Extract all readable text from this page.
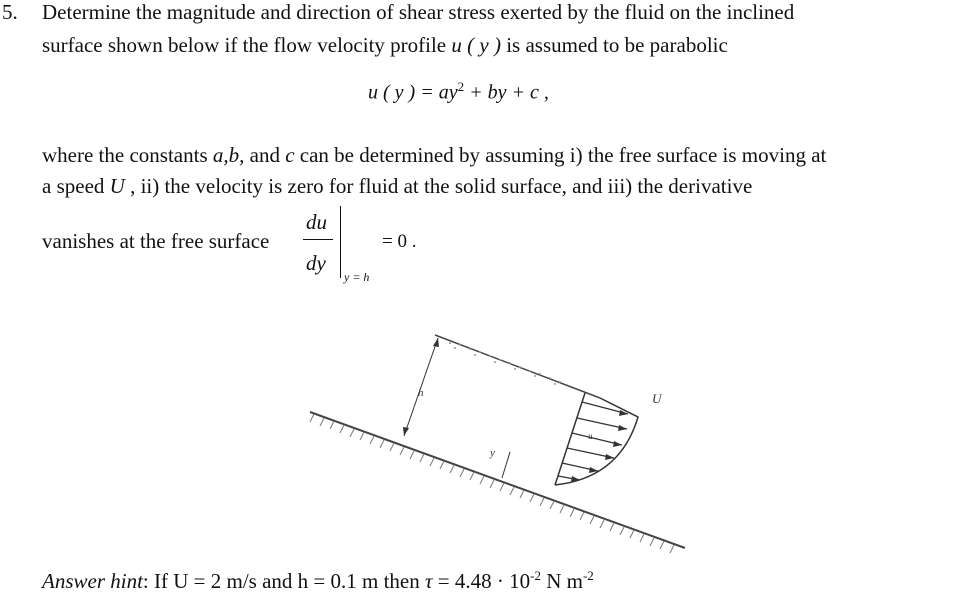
5. Determine the magnitude and direction of shear stress exerted by the fluid on the inclined
surface shown below if the flow velocity profile u ( y ) is assumed to be parabolic
u ( y ) = $ay^2$ + by + c ,
where the constants a,b, and c can be determined by assuming i) the free surface is moving at
a speed U , ii) the velocity is zero for fluid at the solid surface, and iii) the derivative
vanishes at the free surface
du
dy
y = h
= 0 .
h
y
u
U
Answer hint: If U = 2 m/s and h = 0.1 m then $\tau = 4.48 \cdot 10^{-2}$ N $m^{-2}$
